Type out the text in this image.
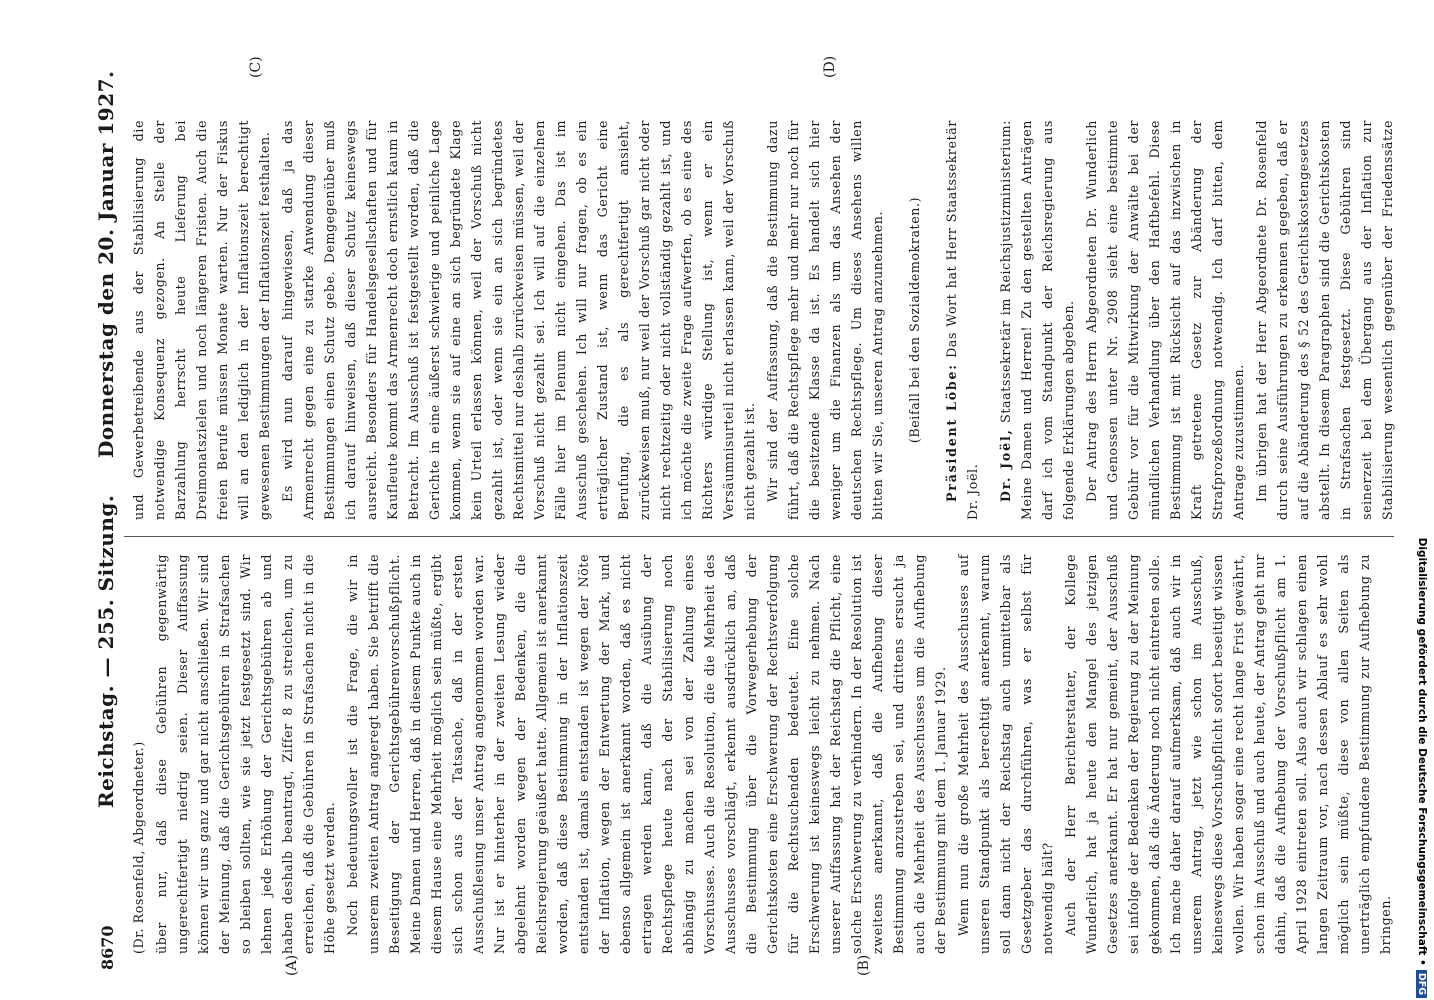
8670
Reichstag. — 255. Sitzung.
Donnerstag den 20. Januar 1927.
(A)	(B)
(C)	(D)

(Dr. Rosenfeld, Abgeordneter.) über nur, daß diese Gebühren gegenwärtig ungerechtfertigt niedrig seien. Dieser Auffassung können wir uns ganz und gar nicht anschließen. Wir sind der Meinung, daß die Gerichtsgebühren in Strafsachen so bleiben sollten, wie sie jetzt festgesetzt sind. Wir lehnen jede Erhöhung der Gerichtsgebühren ab und haben deshalb beantragt, Ziffer 8 zu streichen, um zu erreichen, daß die Gebühren in Strafsachen nicht in die Höhe gesetzt werden. Noch bedeutungsvoller ist die Frage, die wir in unserem zweiten Antrag angeregt haben. Sie betrifft die Beseitigung der Gerichtsgebührenvorschußpflicht. Meine Damen und Herren, daß in diesem Punkte auch in diesem Hause eine Mehrheit möglich sein müßte, ergibt sich schon aus der Tatsache, daß in der ersten Ausschußlesung unser Antrag angenommen worden war. Nur ist er hinterher in der zweiten Lesung wieder abgelehnt worden wegen der Bedenken, die die Reichsregierung geäußert hatte. Allgemein ist anerkannt worden, daß diese Bestimmung in der Inflationszeit entstanden ist, damals entstanden ist wegen der Nöte der Inflation, wegen der Entwertung der Mark, und ebenso allgemein ist anerkannt worden, daß es nicht ertragen werden kann, daß die Ausübung der Rechtspflege heute nach der Stabilisierung noch abhängig zu machen sei von der Zahlung eines Vorschusses. Auch die Resolution, die die Mehrheit des Ausschusses vorschlägt, erkennt ausdrücklich an, daß die Bestimmung über die Vorwegerhebung der Gerichtskosten eine Erschwerung der Rechtsverfolgung für die Rechtsuchenden bedeutet. Eine solche Erschwerung ist keineswegs leicht zu nehmen. Nach unserer Auffassung hat der Reichstag die Pflicht, eine solche Erschwerung zu verhindern. In der Resolution ist zweitens anerkannt, daß die Aufhebung dieser Bestimmung anzustreben sei, und drittens ersucht ja auch die Mehrheit des Ausschusses um die Aufhebung der Bestimmung mit dem 1. Januar 1929. Wenn nun die große Mehrheit des Ausschusses auf unseren Standpunkt als berechtigt anerkennt, warum soll dann nicht der Reichstag auch unmittelbar als Gesetzgeber das durchführen, was er selbst für notwendig hält? Auch der Herr Berichterstatter, der Kollege Wunderlich, hat ja heute den Mangel des jetzigen Gesetzes anerkannt. Er hat nur gemeint, der Ausschuß sei infolge der Bedenken der Regierung zu der Meinung gekommen, daß die Änderung noch nicht eintreten solle. Ich mache daher darauf aufmerksam, daß auch wir in unserem Antrag, jetzt wie schon im Ausschuß, keineswegs diese Vorschußpflicht sofort beseitigt wissen wollen. Wir haben sogar eine recht lange Frist gewährt, schon im Ausschuß und auch heute, der Antrag geht nur dahin, daß die Aufhebung der Vorschußpflicht am 1. April 1928 eintreten soll. Also auch wir schlagen einen langen Zeitraum vor, nach dessen Ablauf es sehr wohl möglich sein müßte, diese von allen Seiten als unerträglich empfundene Bestimmung zur Aufhebung zu bringen.

und Gewerbetreibende aus der Stabilisierung die notwendige Konsequenz gezogen. An Stelle der Barzahlung herrscht heute Lieferung bei Dreimonatszielen und noch längeren Fristen. Auch die freien Berufe müssen Monate warten. Nur der Fiskus will an den lediglich in der Inflationszeit berechtigt gewesenen Bestimmungen der Inflationszeit festhalten. Es wird nun darauf hingewiesen, daß ja das Armenrecht gegen eine zu starke Anwendung dieser Bestimmungen einen Schutz gebe. Demgegenüber muß ich darauf hinweisen, daß dieser Schutz keineswegs ausreicht. Besonders für Handelsgesellschaften und für Kaufleute kommt das Armenrecht doch ernstlich kaum in Betracht. Im Ausschuß ist festgestellt worden, daß die Gerichte in eine äußerst schwierige und peinliche Lage kommen, wenn sie auf eine an sich begründete Klage kein Urteil erlassen können, weil der Vorschuß nicht gezahlt ist, oder wenn sie ein an sich begründetes Rechtsmittel nur deshalb zurückweisen müssen, weil der Vorschuß nicht gezahlt sei. Ich will auf die einzelnen Fälle hier im Plenum nicht eingehen. Das ist im Ausschuß geschehen. Ich will nur fragen, ob es ein erträglicher Zustand ist, wenn das Gericht eine Berufung, die es als gerechtfertigt ansieht, zurückweisen muß, nur weil der Vorschuß gar nicht oder nicht rechtzeitig oder nicht vollständig gezahlt ist, und ich möchte die zweite Frage aufwerfen, ob es eine des Richters würdige Stellung ist, wenn er ein Versäumnisurteil nicht erlassen kann, weil der Vorschuß nicht gezahlt ist. Wir sind der Auffassung, daß die Bestimmung dazu führt, daß die Rechtspflege mehr und mehr nur noch für die besitzende Klasse da ist. Es handelt sich hier weniger um die Finanzen als um das Ansehen der deutschen Rechtspflege. Um dieses Ansehens willen bitten wir Sie, unseren Antrag anzunehmen. (Beifall bei den Sozialdemokraten.) Präsident Löbe: Das Wort hat Herr Staatssekretär Dr. Joël. Dr. Joël, Staatssekretär im Reichsjustizministerium: Meine Damen und Herren! Zu den gestellten Anträgen darf ich vom Standpunkt der Reichsregierung aus folgende Erklärungen abgeben. Der Antrag des Herrn Abgeordneten Dr. Wunderlich und Genossen unter Nr. 2908 sieht eine bestimmte Gebühr vor für die Mitwirkung der Anwälte bei der mündlichen Verhandlung über den Haftbefehl. Diese Bestimmung ist mit Rücksicht auf das inzwischen in Kraft getretene Gesetz zur Abänderung der Strafprozeßordnung notwendig. Ich darf bitten, dem Antrage zuzustimmen. Im übrigen hat der Herr Abgeordnete Dr. Rosenfeld durch seine Ausführungen zu erkennen gegeben, daß er auf die Abänderung des § 52 des Gerichtskostengesetzes abstellt. In diesem Paragraphen sind die Gerichtskosten in Strafsachen festgesetzt. Diese Gebühren sind seinerzeit bei dem Übergang aus der Inflation zur Stabilisierung wesentlich gegenüber der Friedenssätze

Digitalisierung gefördert durch die Deutsche Forschungsgemeinschaft •DFG
